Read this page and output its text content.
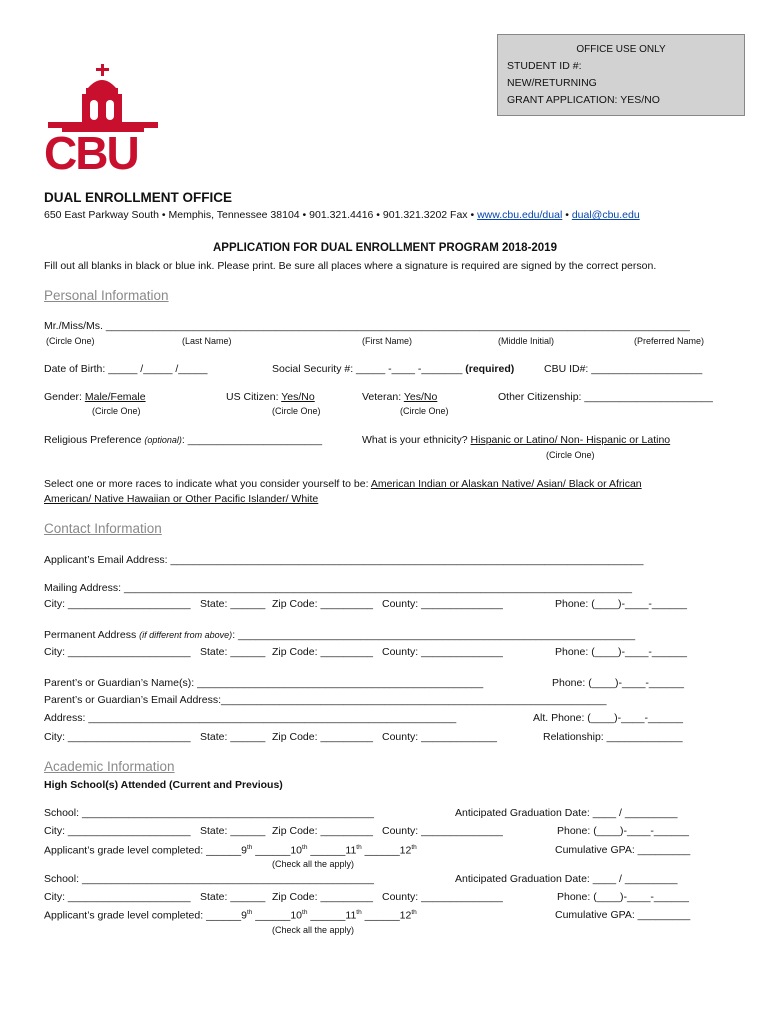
OFFICE USE ONLY
STUDENT ID #:
NEW/RETURNING
GRANT APPLICATION: YES/NO
CBU
DUAL ENROLLMENT OFFICE
650 East Parkway South • Memphis, Tennessee 38104 • 901.321.4416 • 901.321.3202 Fax • www.cbu.edu/dual • dual@cbu.edu
APPLICATION FOR DUAL ENROLLMENT PROGRAM 2018-2019
Fill out all blanks in black or blue ink. Please print. Be sure all places where a signature is required are signed by the correct person.
Personal Information
Mr./Miss/Ms. ____________________________________________________________________________________________________
(Circle One)	(Last Name)	(First Name)	(Middle Initial)	(Preferred Name)
Date of Birth: _____ /_____ /_____	Social Security #: _____ -____ -_______ (required)	CBU ID#: ___________________
Gender: Male/Female	US Citizen: Yes/No	Veteran: Yes/No	Other Citizenship: ______________________
(Circle One)	(Circle One)	(Circle One)
Religious Preference (optional): _______________________	What is your ethnicity? Hispanic or Latino/ Non- Hispanic or Latino
(Circle One)
Select one or more races to indicate what you consider yourself to be: American Indian or Alaskan Native/ Asian/ Black or African
American/ Native Hawaiian or Other Pacific Islander/ White
Contact Information
Applicant’s Email Address: _________________________________________________________________________________
Mailing Address: _______________________________________________________________________________________
City: _____________________ State: ______ Zip Code: _________ County: ______________	Phone: (____)-____-______
Permanent Address (if different from above): ____________________________________________________________________
City: _____________________ State: ______ Zip Code: _________ County: ______________	Phone: (____)-____-______
Parent’s or Guardian’s Name(s): _________________________________________________	Phone: (____)-____-______
Parent’s or Guardian’s Email Address:__________________________________________________________________
Address: _______________________________________________________________	Alt. Phone: (____)-____-______
City: _____________________ State: ______ Zip Code: _________ County: _____________	Relationship: _____________
Academic Information
High School(s) Attended (Current and Previous)
School: __________________________________________________	Anticipated Graduation Date: ____ / _________
City: _____________________ State: ______ Zip Code: _________ County: ______________	Phone: (____)-____-______
Applicant’s grade level completed: ______9th ______10th ______11th ______12th	Cumulative GPA: _________
(Check all the apply)
School: __________________________________________________	Anticipated Graduation Date: ____ / _________
City: _____________________ State: ______ Zip Code: _________ County: ______________	Phone: (____)-____-______
Applicant’s grade level completed: ______9th ______10th ______11th ______12th	Cumulative GPA: _________
(Check all the apply)
